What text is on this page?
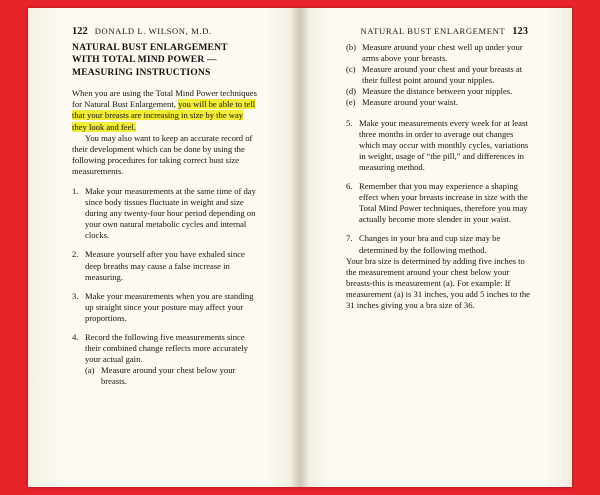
122 DONALD L. WILSON, M.D.	NATURAL BUST ENLARGEMENT 123
NATURAL BUST ENLARGEMENT
WITH TOTAL MIND POWER —
MEASURING INSTRUCTIONS

When you are using the Total Mind Power techniques for Natural Bust Enlargement, you will be able to tell that your breasts are increasing in size by the way they look and feel.

You may also want to keep an accurate record of their development which can be done by using the following procedures for taking correct bust size measurements.

1. Make your measurements at the same time of day since body tissues fluctuate in weight and size during any twenty-four hour period depending on your own natural metabolic cycles and internal clocks.
2. Measure yourself after you have exhaled since deep breaths may cause a false increase in measuring.
3. Make your measurements when you are standing up straight since your posture may affect your proportions.
4. Record the following five measurements since their combined change reflects more accurately your actual gain.
(a) Measure around your chest below your breasts.
(b) Measure around your chest well up under your arms above your breasts.
(c) Measure around your chest and your breasts at their fullest point around your nipples.
(d) Measure the distance between your nipples.
(e) Measure around your waist.
5. Make your measurements every week for at least three months in order to average out changes which may occur with monthly cycles, variations in weight, usage of “the pill,” and differences in measuring method.
6. Remember that you may experience a shaping effect when your breasts increase in size with the Total Mind Power techniques, therefore you may actually become more slender in your waist.
7. Changes in your bra and cup size may be determined by the following method.

Your bra size is determined by adding five inches to the measurement around your chest below your breasts-this is measurement (a). For example: If measurement (a) is 31 inches, you add 5 inches to the 31 inches giving you a bra size of 36.
